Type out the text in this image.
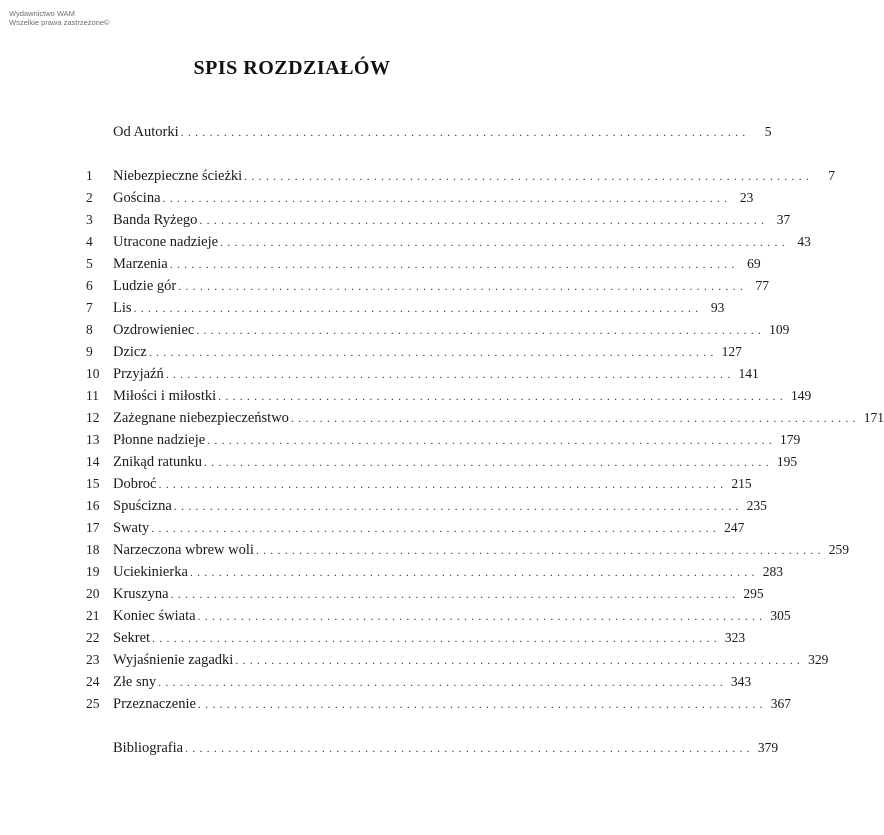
Wydawnictwo WAM
Wszelkie prawa zastrzeżone©
SPIS ROZDZIAŁÓW
Od Autorki ...............................................................................	5
1	Niebezpieczne ścieżki ...............................................................................	7
2	Gościna ............................................................................... 23
3	Banda Ryżego ............................................................................... 37
4	Utracone nadzieje ............................................................................... 43
5	Marzenia ............................................................................... 69
6	Ludzie gór ............................................................................... 77
7	Lis ............................................................................... 93
8	Ozdrowieniec ............................................................................... 109
9	Dzicz ............................................................................... 127
10 Przyjaźń ............................................................................... 141
11 Miłości i miłostki ............................................................................... 149
12 Zażegnane niebezpieczeństwo ............................................................................... 171
13 Płonne nadzieje ............................................................................... 179
14 Znikąd ratunku ............................................................................... 195
15 Dobroć ............................................................................... 215
16 Spuścizna ............................................................................... 235
17 Swaty ............................................................................... 247
18 Narzeczona wbrew woli ............................................................................... 259
19 Uciekinierka ............................................................................... 283
20 Kruszyna ............................................................................... 295
21 Koniec świata ............................................................................... 305
22 Sekret ............................................................................... 323
23 Wyjaśnienie zagadki ............................................................................... 329
24 Złe sny ............................................................................... 343
25 Przeznaczenie ............................................................................... 367
Bibliografia ............................................................................... 379
